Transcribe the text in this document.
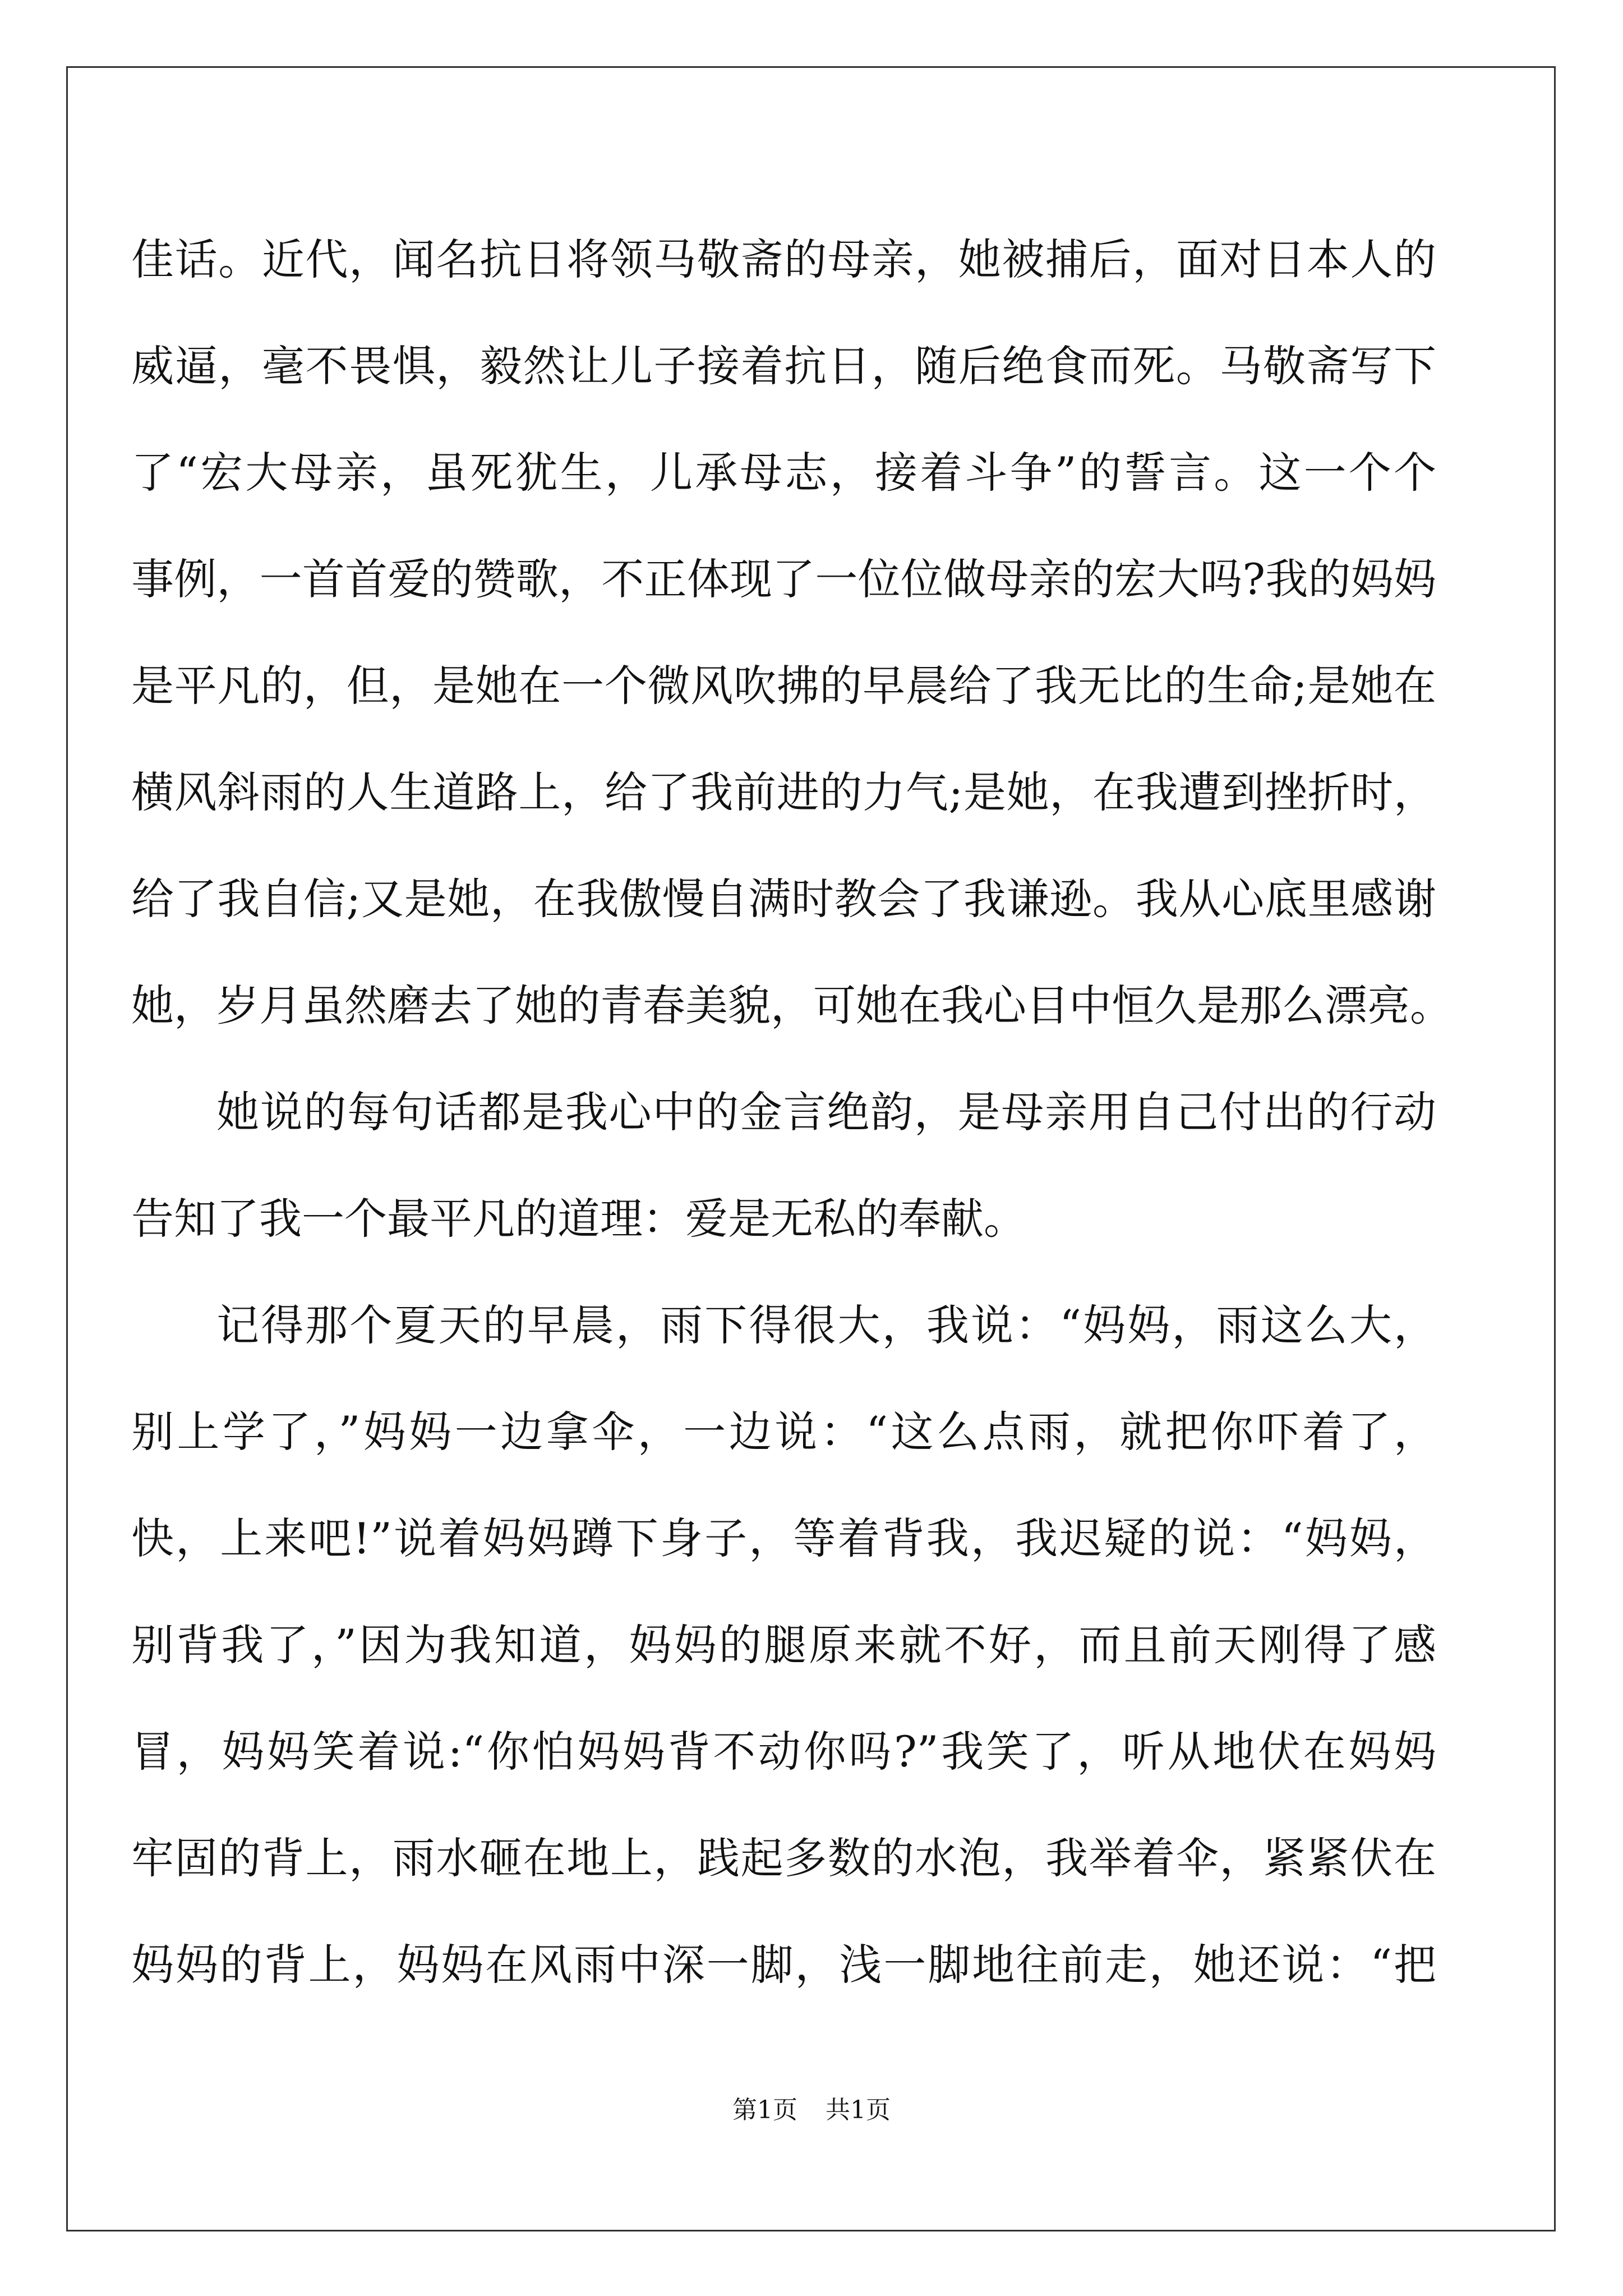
佳话。近代，闻名抗日将领马敬斋的母亲，她被捕后，面对日本人的
威逼，毫不畏惧，毅然让儿子接着抗日，随后绝食而死。马敬斋写下
了“宏大母亲，虽死犹生，儿承母志，接着斗争”的誓言。这一个个
事例，一首首爱的赞歌，不正体现了一位位做母亲的宏大吗?我的妈妈
是平凡的，但，是她在一个微风吹拂的早晨给了我无比的生命;是她在
横风斜雨的人生道路上，给了我前进的力气;是她，在我遭到挫折时，
给了我自信;又是她，在我傲慢自满时教会了我谦逊。我从心底里感谢
她，岁月虽然磨去了她的青春美貌，可她在我心目中恒久是那么漂亮。
她说的每句话都是我心中的金言绝韵，是母亲用自己付出的行动
告知了我一个最平凡的道理：爱是无私的奉献。
记得那个夏天的早晨，雨下得很大，我说：“妈妈，雨这么大，
别上学了，”妈妈一边拿伞，一边说：“这么点雨，就把你吓着了，
快，上来吧!”说着妈妈蹲下身子，等着背我，我迟疑的说：“妈妈，
别背我了，”因为我知道，妈妈的腿原来就不好，而且前天刚得了感
冒，妈妈笑着说:“你怕妈妈背不动你吗?”我笑了，听从地伏在妈妈
牢固的背上，雨水砸在地上，践起多数的水泡，我举着伞，紧紧伏在
妈妈的背上，妈妈在风雨中深一脚，浅一脚地往前走，她还说：“把
第1页 共1页
